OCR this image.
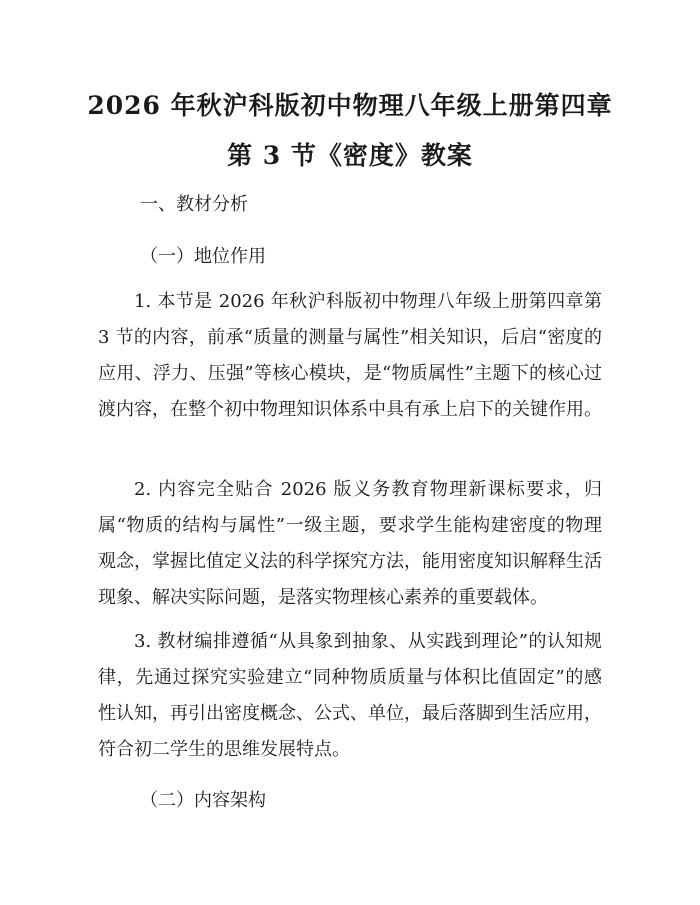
2026 年秋沪科版初中物理八年级上册第四章
第 3 节《密度》教案
一、教材分析
（一）地位作用

1. 本节是 2026 年秋沪科版初中物理八年级上册第四章第 3 节的内容，前承“质量的测量与属性”相关知识，后启“密度的应用、浮力、压强”等核心模块，是“物质属性”主题下的核心过渡内容，在整个初中物理知识体系中具有承上启下的关键作用。

2. 内容完全贴合 2026 版义务教育物理新课标要求，归属“物质的结构与属性”一级主题，要求学生能构建密度的物理观念，掌握比值定义法的科学探究方法，能用密度知识解释生活现象、解决实际问题，是落实物理核心素养的重要载体。

3. 教材编排遵循“从具象到抽象、从实践到理论”的认知规律，先通过探究实验建立“同种物质质量与体积比值固定”的感性认知，再引出密度概念、公式、单位，最后落脚到生活应用，符合初二学生的思维发展特点。

（二）内容架构
